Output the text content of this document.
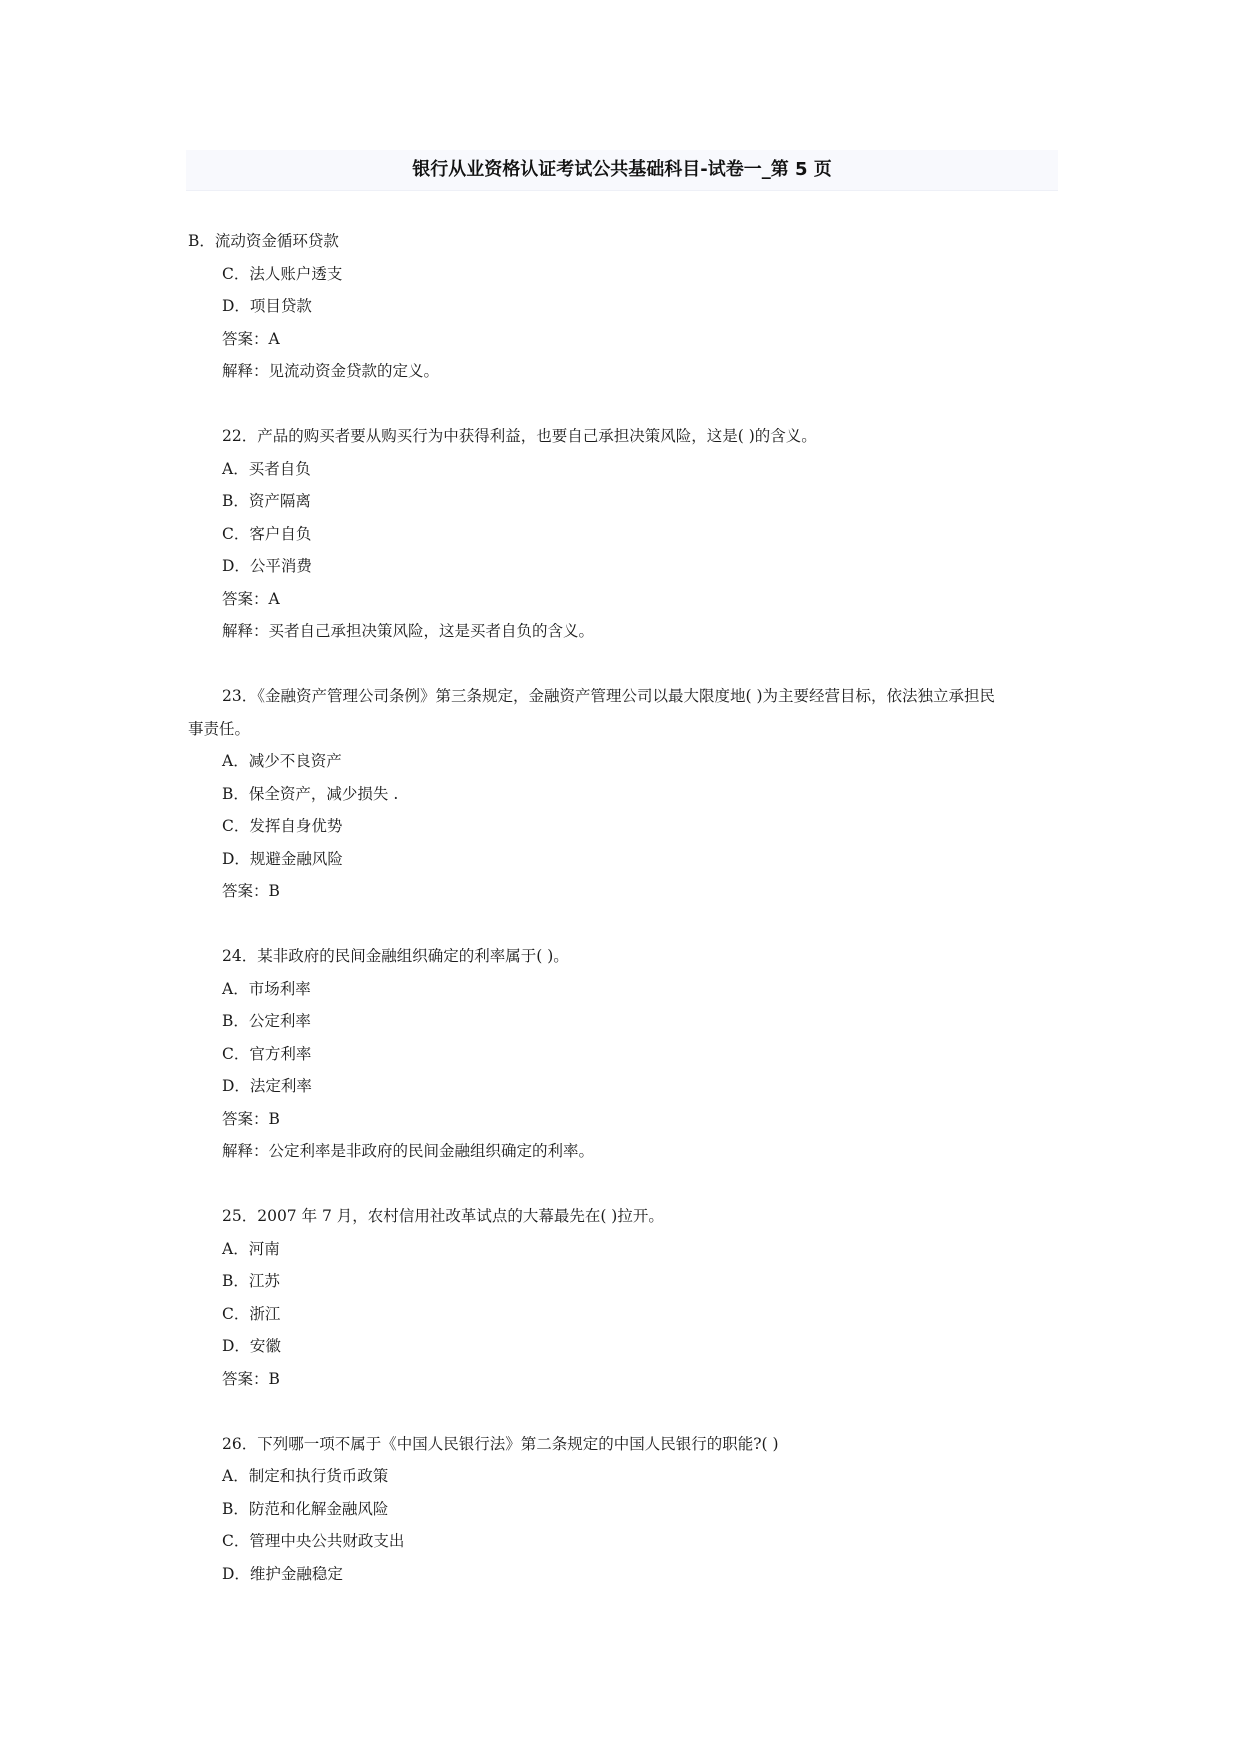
银行从业资格认证考试公共基础科目-试卷一_第 5 页
B．流动资金循环贷款
C．法人账户透支
D．项目贷款
答案：A
解释：见流动资金贷款的定义。
22．产品的购买者要从购买行为中获得利益，也要自己承担决策风险，这是( )的含义。
A．买者自负
B．资产隔离
C．客户自负
D．公平消费
答案：A
解释：买者自己承担决策风险，这是买者自负的含义。
23．《金融资产管理公司条例》第三条规定，金融资产管理公司以最大限度地( )为主要经营目标，依法独立承担民
事责任。
A．减少不良资产
B．保全资产，减少损失 .
C．发挥自身优势
D．规避金融风险
答案：B
24．某非政府的民间金融组织确定的利率属于( )。
A．市场利率
B．公定利率
C．官方利率
D．法定利率
答案：B
解释：公定利率是非政府的民间金融组织确定的利率。
25．2007 年 7 月，农村信用社改革试点的大幕最先在( )拉开。
A．河南
B．江苏
C．浙江
D．安徽
答案：B
26．下列哪一项不属于《中国人民银行法》第二条规定的中国人民银行的职能?( )
A．制定和执行货币政策
B．防范和化解金融风险
C．管理中央公共财政支出
D．维护金融稳定
